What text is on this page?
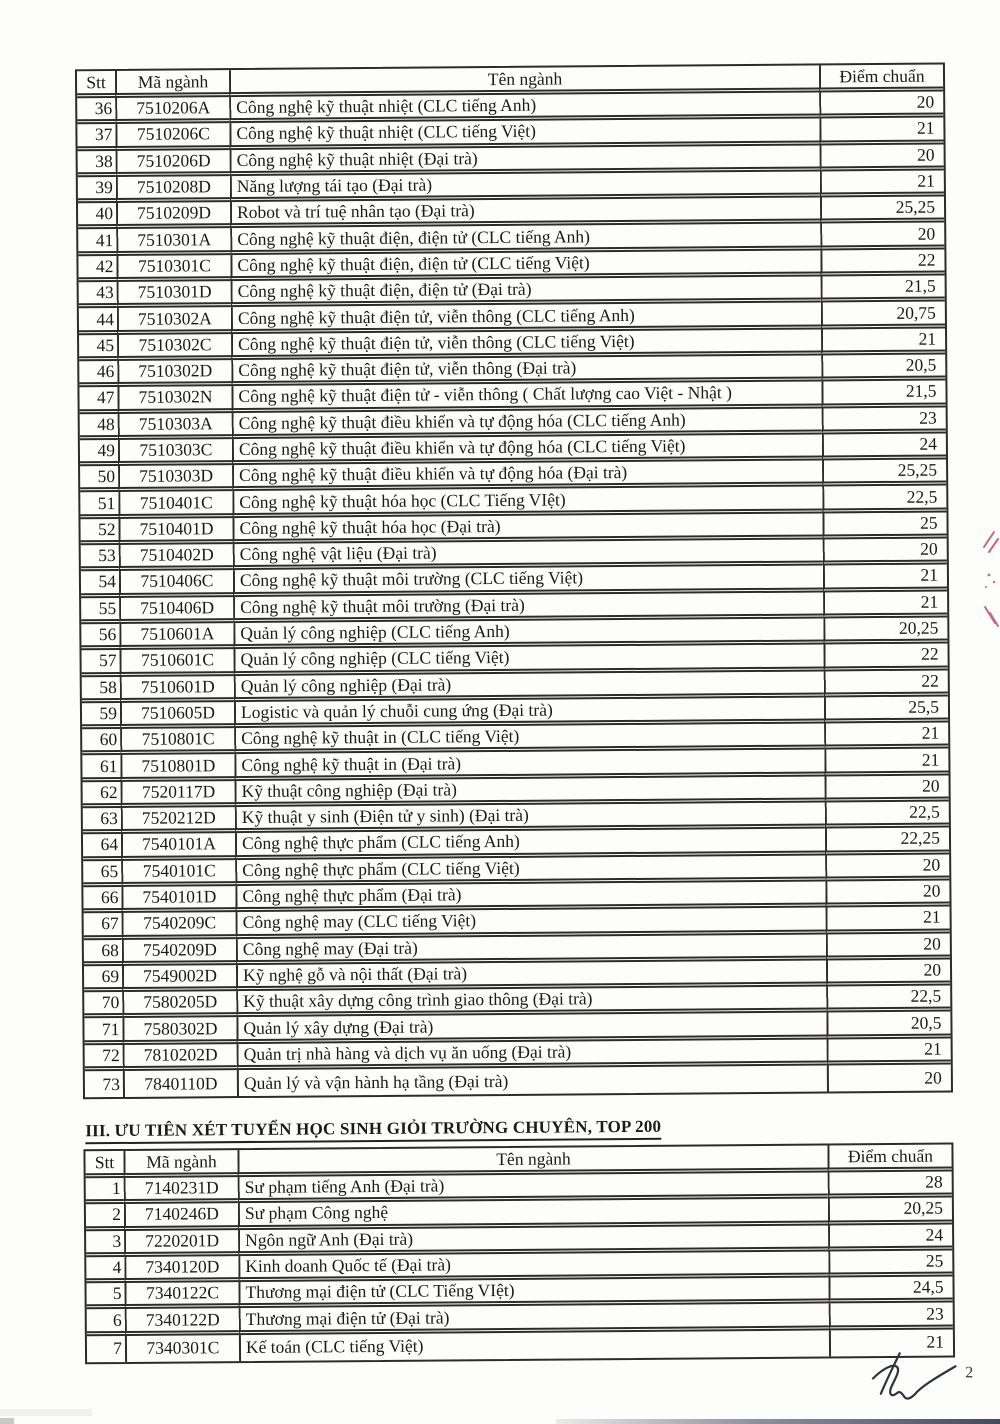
Stt	Mã ngành	Tên ngành	Điểm chuẩn
36	7510206A	Công nghệ kỹ thuật nhiệt (CLC tiếng Anh)	20
37	7510206C	Công nghệ kỹ thuật nhiệt (CLC tiếng Việt)	21
38	7510206D	Công nghệ kỹ thuật nhiệt (Đại trà)	20
39	7510208D	Năng lượng tái tạo (Đại trà)	21
40	7510209D	Robot và trí tuệ nhân tạo (Đại trà)	25,25
41	7510301A	Công nghệ kỹ thuật điện, điện tử (CLC tiếng Anh)	20
42	7510301C	Công nghệ kỹ thuật điện, điện tử (CLC tiếng Việt)	22
43	7510301D	Công nghệ kỹ thuật điện, điện tử (Đại trà)	21,5
44	7510302A	Công nghệ kỹ thuật điện tử, viễn thông (CLC tiếng Anh)	20,75
45	7510302C	Công nghệ kỹ thuật điện tử, viễn thông (CLC tiếng Việt)	21
46	7510302D	Công nghệ kỹ thuật điện tử, viễn thông (Đại trà)	20,5
47	7510302N	Công nghệ kỹ thuật điện tử - viễn thông ( Chất lượng cao Việt - Nhật )	21,5
48	7510303A	Công nghệ kỹ thuật điều khiển và tự động hóa (CLC tiếng Anh)	23
49	7510303C	Công nghệ kỹ thuật điều khiển và tự động hóa (CLC tiếng Việt)	24
50	7510303D	Công nghệ kỹ thuật điều khiển và tự động hóa (Đại trà)	25,25
51	7510401C	Công nghệ kỹ thuật hóa học (CLC Tiếng VIệt)	22,5
52	7510401D	Công nghệ kỹ thuật hóa học (Đại trà)	25
53	7510402D	Công nghệ vật liệu (Đại trà)	20
54	7510406C	Công nghệ kỹ thuật môi trường (CLC tiếng Việt)	21
55	7510406D	Công nghệ kỹ thuật môi trường (Đại trà)	21
56	7510601A	Quản lý công nghiệp (CLC tiếng Anh)	20,25
57	7510601C	Quản lý công nghiệp (CLC tiếng Việt)	22
58	7510601D	Quản lý công nghiệp (Đại trà)	22
59	7510605D	Logistic và quản lý chuỗi cung ứng (Đại trà)	25,5
60	7510801C	Công nghệ kỹ thuật in (CLC tiếng Việt)	21
61	7510801D	Công nghệ kỹ thuật in (Đại trà)	21
62	7520117D	Kỹ thuật công nghiệp (Đại trà)	20
63	7520212D	Kỹ thuật y sinh (Điện tử y sinh) (Đại trà)	22,5
64	7540101A	Công nghệ thực phẩm (CLC tiếng Anh)	22,25
65	7540101C	Công nghệ thực phẩm (CLC tiếng Việt)	20
66	7540101D	Công nghệ thực phẩm (Đại trà)	20
67	7540209C	Công nghệ may (CLC tiếng Việt)	21
68	7540209D	Công nghệ may (Đại trà)	20
69	7549002D	Kỹ nghệ gỗ và nội thất (Đại trà)	20
70	7580205D	Kỹ thuật xây dựng công trình giao thông (Đại trà)	22,5
71	7580302D	Quản lý xây dựng (Đại trà)	20,5
72	7810202D	Quản trị nhà hàng và dịch vụ ăn uống (Đại trà)	21
73	7840110D	Quản lý và vận hành hạ tầng (Đại trà)	20
III. ƯU TIÊN XÉT TUYỂN HỌC SINH GIỎI TRƯỜNG CHUYÊN, TOP 200
Stt	Mã ngành	Tên ngành	Điểm chuẩn
1	7140231D	Sư phạm tiếng Anh (Đại trà)	28
2	7140246D	Sư phạm Công nghệ	20,25
3	7220201D	Ngôn ngữ Anh (Đại trà)	24
4	7340120D	Kinh doanh Quốc tế (Đại trà)	25
5	7340122C	Thương mại điện tử (CLC Tiếng VIệt)	24,5
6	7340122D	Thương mại điện tử (Đại trà)	23
7	7340301C	Kế toán (CLC tiếng Việt)	21
2
